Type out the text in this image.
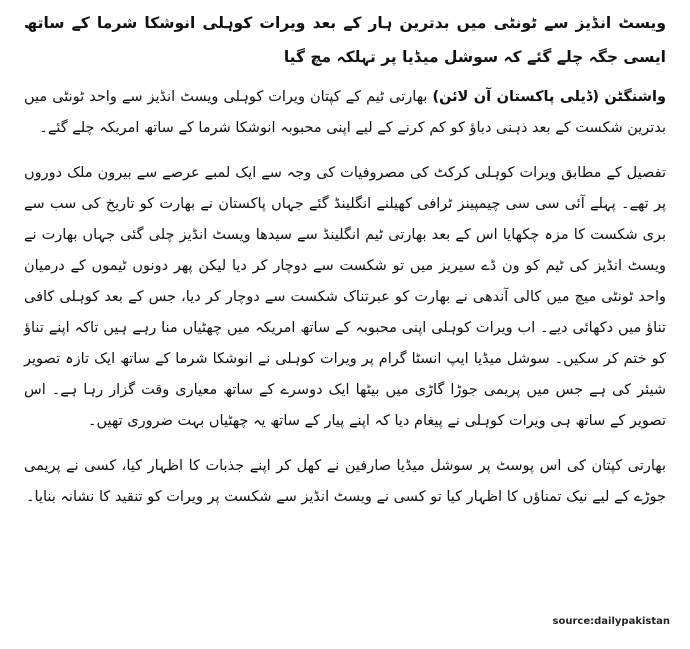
ویسٹ انڈیز سے ٹونٹی میں بدترین ہار کے بعد ویرات کوہلی انوشکا شرما کے ساتھ ایسی جگہ چلے گئے کہ سوشل میڈیا پر تہلکہ مچ گیا

واشنگٹن (ڈیلی پاکستان آن لائن) بھارتی ٹیم کے کپتان ویرات کوہلی ویسٹ انڈیز سے واحد ٹونٹی میں بدترین شکست کے بعد ذہنی دباؤ کو کم کرنے کے لیے اپنی محبوبہ انوشکا شرما کے ساتھ امریکہ چلے گئے۔

تفصیل کے مطابق ویرات کوہلی کرکٹ کی مصروفیات کی وجہ سے ایک لمبے عرصے سے بیرون ملک دوروں پر تھے۔ پہلے آئی سی سی چیمپینز ٹرافی کھیلنے انگلینڈ گئے جہاں پاکستان نے بھارت کو تاریخ کی سب سے بری شکست کا مزہ چکھایا اس کے بعد بھارتی ٹیم انگلینڈ سے سیدھا ویسٹ انڈیز چلی گئی جہاں بھارت نے ویسٹ انڈیز کی ٹیم کو ون ڈے سیریز میں تو شکست سے دوچار کر دیا لیکن پھر دونوں ٹیموں کے درمیان واحد ٹونٹی میچ میں کالی آندھی نے بھارت کو عبرتناک شکست سے دوچار کر دیا، جس کے بعد کوہلی کافی تناؤ میں دکھائی دیے۔ اب ویرات کوہلی اپنی محبوبہ کے ساتھ امریکہ میں چھٹیاں منا رہے ہیں تاکہ اپنے تناؤ کو ختم کر سکیں۔ سوشل میڈیا ایپ انسٹا گرام پر ویرات کوہلی نے انوشکا شرما کے ساتھ ایک تازہ تصویر شیئر کی ہے جس میں پریمی جوڑا گاڑی میں بیٹھا ایک دوسرے کے ساتھ معیاری وقت گزار رہا ہے۔ اس تصویر کے ساتھ ہی ویرات کوہلی نے پیغام دیا کہ اپنے پیار کے ساتھ یہ چھٹیاں بہت ضروری تھیں۔

بھارتی کپتان کی اس پوسٹ پر سوشل میڈیا صارفین نے کھل کر اپنے جذبات کا اظہار کیا، کسی نے پریمی جوڑے کے لیے نیک تمناؤں کا اظہار کیا تو کسی نے ویسٹ انڈیز سے شکست پر ویرات کو تنقید کا نشانہ بنایا۔

source:dailypakistan
